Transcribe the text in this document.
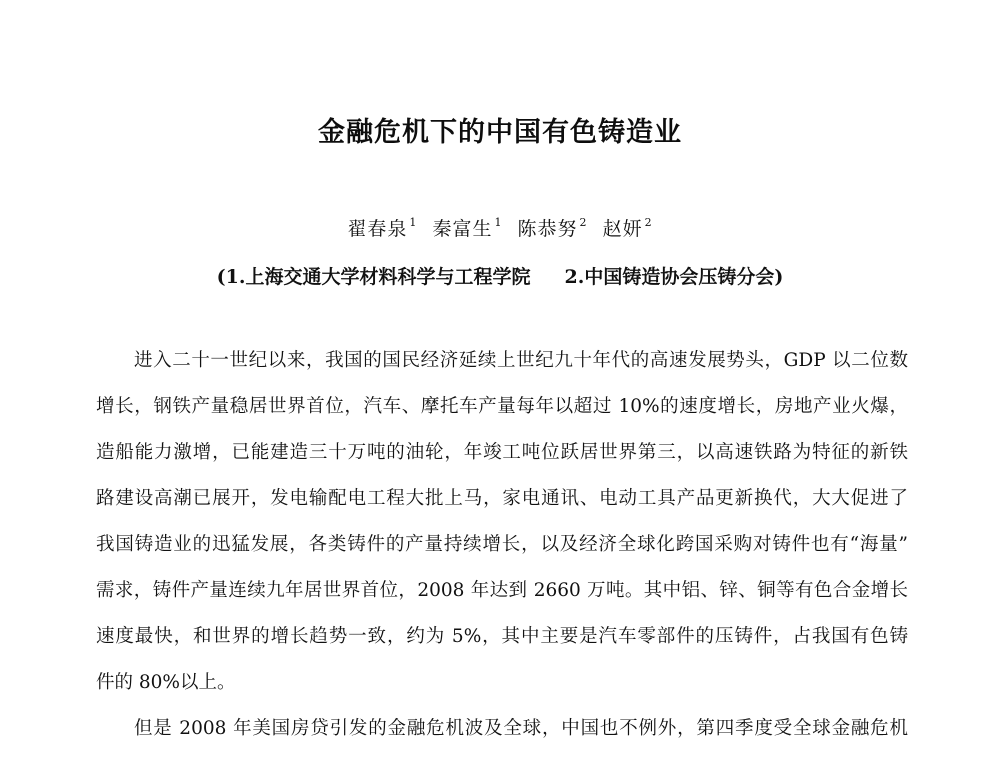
金融危机下的中国有色铸造业
翟春泉 $^1$ 秦富生 $^1$ 陈恭努 $^2$ 赵妍 $^2$
(1.上海交通大学材料科学与工程学院 2.中国铸造协会压铸分会)
进入二十一世纪以来，我国的国民经济延续上世纪九十年代的高速发展势头，GDP 以二位数
增长，钢铁产量稳居世界首位，汽车、摩托车产量每年以超过 10%的速度增长，房地产业火爆，
造船能力激增，已能建造三十万吨的油轮，年竣工吨位跃居世界第三，以高速铁路为特征的新铁
路建设高潮已展开，发电输配电工程大批上马，家电通讯、电动工具产品更新换代，大大促进了
我国铸造业的迅猛发展，各类铸件的产量持续增长，以及经济全球化跨国采购对铸件也有“海量”
需求，铸件产量连续九年居世界首位，2008 年达到 2660 万吨。其中铝、锌、铜等有色合金增长
速度最快，和世界的增长趋势一致，约为 5%，其中主要是汽车零部件的压铸件，占我国有色铸
件的 80%以上。
但是 2008 年美国房贷引发的金融危机波及全球，中国也不例外，第四季度受全球金融危机
